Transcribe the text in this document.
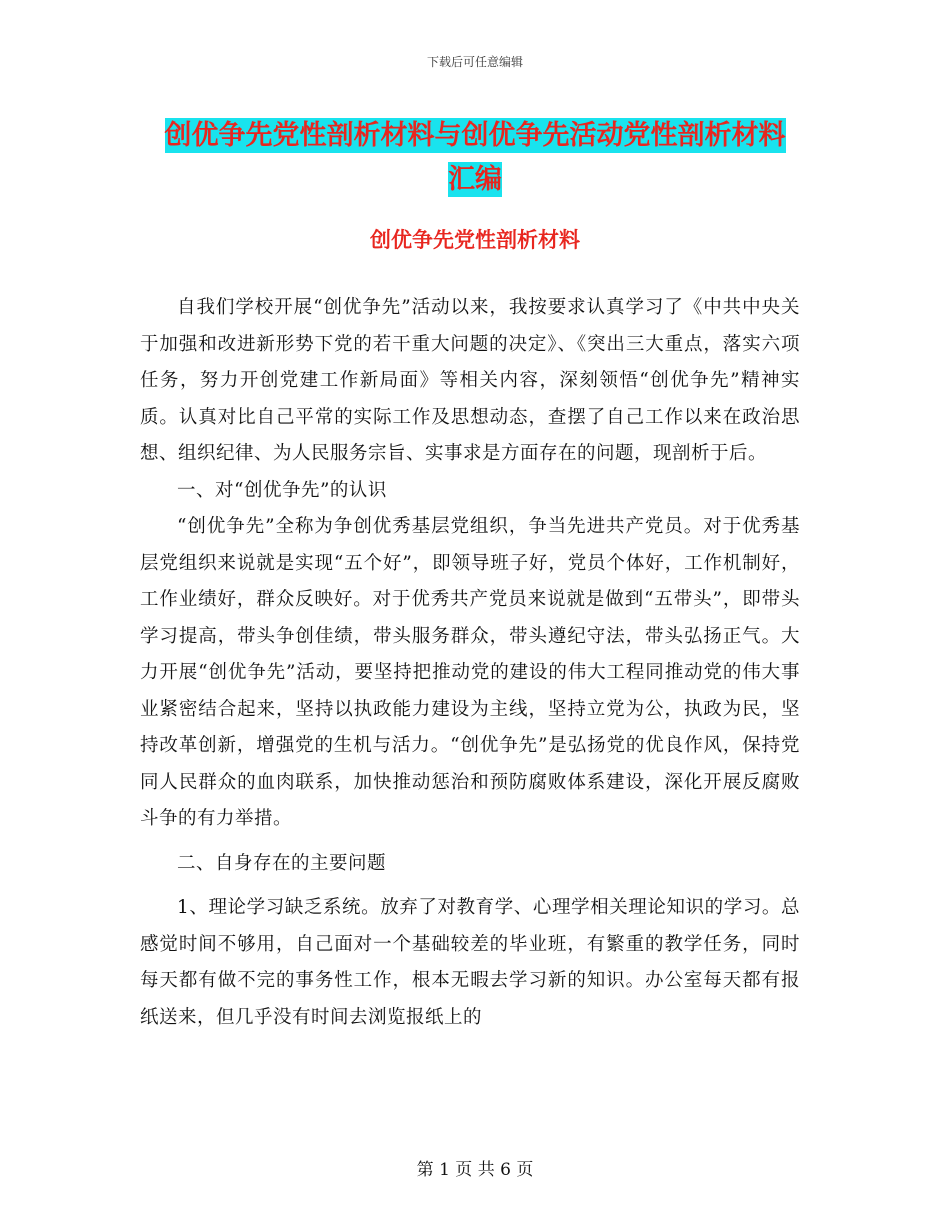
下载后可任意编辑
创优争先党性剖析材料与创优争先活动党性剖析材料
汇编
创优争先党性剖析材料

自我们学校开展“创优争先”活动以来，我按要求认真学习了《中共中央关于加强和改进新形势下党的若干重大问题的决定》、《突出三大重点，落实六项任务，努力开创党建工作新局面》等相关内容，深刻领悟“创优争先”精神实质。认真对比自己平常的实际工作及思想动态，查摆了自己工作以来在政治思想、组织纪律、为人民服务宗旨、实事求是方面存在的问题，现剖析于后。

一、对“创优争先”的认识

“创优争先”全称为争创优秀基层党组织，争当先进共产党员。对于优秀基层党组织来说就是实现“五个好”，即领导班子好，党员个体好，工作机制好，工作业绩好，群众反映好。对于优秀共产党员来说就是做到“五带头”，即带头学习提高，带头争创佳绩，带头服务群众，带头遵纪守法，带头弘扬正气。大力开展“创优争先”活动，要坚持把推动党的建设的伟大工程同推动党的伟大事业紧密结合起来，坚持以执政能力建设为主线，坚持立党为公，执政为民，坚持改革创新，增强党的生机与活力。“创优争先”是弘扬党的优良作风，保持党同人民群众的血肉联系，加快推动惩治和预防腐败体系建设，深化开展反腐败斗争的有力举措。

二、自身存在的主要问题

1、理论学习缺乏系统。放弃了对教育学、心理学相关理论知识的学习。总感觉时间不够用，自己面对一个基础较差的毕业班，有繁重的教学任务，同时每天都有做不完的事务性工作，根本无暇去学习新的知识。办公室每天都有报纸送来，但几乎没有时间去浏览报纸上的

第 1 页 共 6 页
